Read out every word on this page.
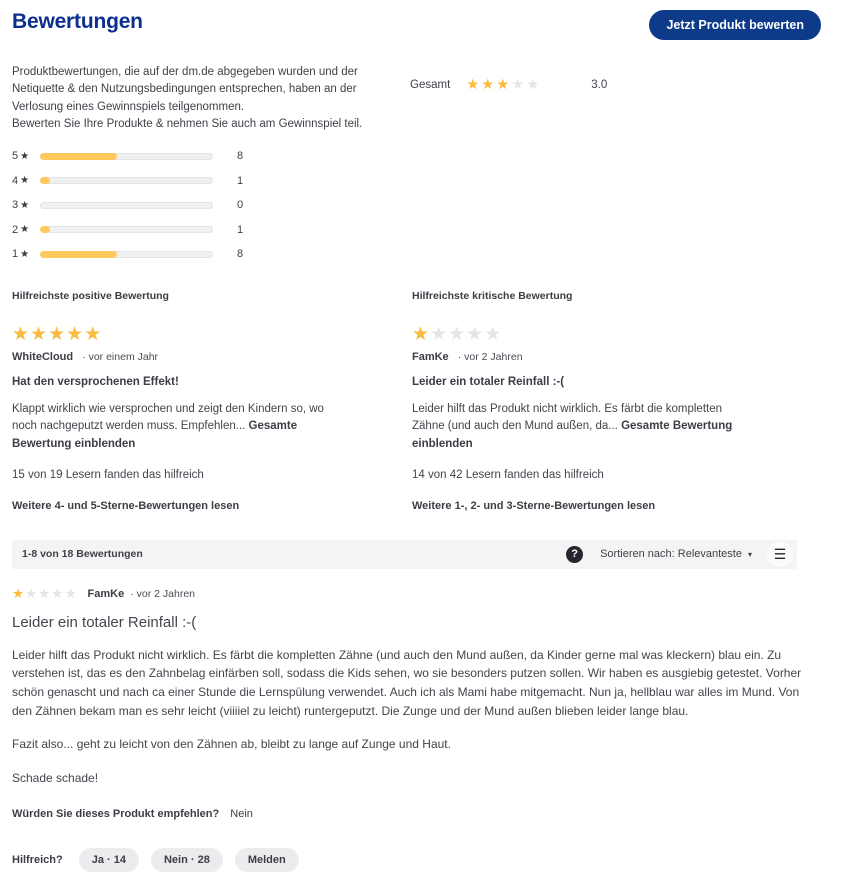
Bewertungen	Jetzt Produkt bewerten
Produktbewertungen, die auf der dm.de abgegeben wurden und der Netiquette & den Nutzungsbedingungen entsprechen, haben an der Verlosung eines Gewinnspiels teilgenommen.
Bewerten Sie Ihre Produkte & nehmen Sie auch am Gewinnspiel teil.
Gesamt ★★★★★	3.0
5 ★	8
4 ★	1
3 ★	0
2 ★	1
1 ★	8
Hilfreichste positive Bewertung
★★★★★
WhiteCloud · vor einem Jahr
Hat den versprochenen Effekt!
Klappt wirklich wie versprochen und zeigt den Kindern so, wo noch nachgeputzt werden muss. Empfehlen... Gesamte Bewertung einblenden
15 von 19 Lesern fanden das hilfreich
Weitere 4- und 5-Sterne-Bewertungen lesen
Hilfreichste kritische Bewertung
★★★★★
FamKe · vor 2 Jahren
Leider ein totaler Reinfall :-(
Leider hilft das Produkt nicht wirklich. Es färbt die kompletten Zähne (und auch den Mund außen, da... Gesamte Bewertung einblenden
14 von 42 Lesern fanden das hilfreich
Weitere 1-, 2- und 3-Sterne-Bewertungen lesen
1-8 von 18 Bewertungen	?	Sortieren nach:
Relevanteste ▾ ☰
★★★★★ FamKe · vor 2 Jahren
Leider ein totaler Reinfall :-(

Leider hilft das Produkt nicht wirklich. Es färbt die kompletten Zähne (und auch den Mund außen, da Kinder gerne mal was kleckern) blau ein. Zu verstehen ist, das es den Zahnbelag einfärben soll, sodass die Kids sehen, wo sie besonders putzen sollen. Wir haben es ausgiebig getestet. Vorher schön genascht und nach ca einer Stunde die Lernspülung verwendet. Auch ich als Mami habe mitgemacht. Nun ja, hellblau war alles im Mund. Von den Zähnen bekam man es sehr leicht (viiiiel zu leicht) runtergeputzt. Die Zunge und der Mund außen blieben leider lange blau.

Fazit also... geht zu leicht von den Zähnen ab, bleibt zu lange auf Zunge und Haut.

Schade schade!

Würden Sie dieses Produkt empfehlen? Nein
Hilfreich?	Ja · 14	Nein · 28	Melden
